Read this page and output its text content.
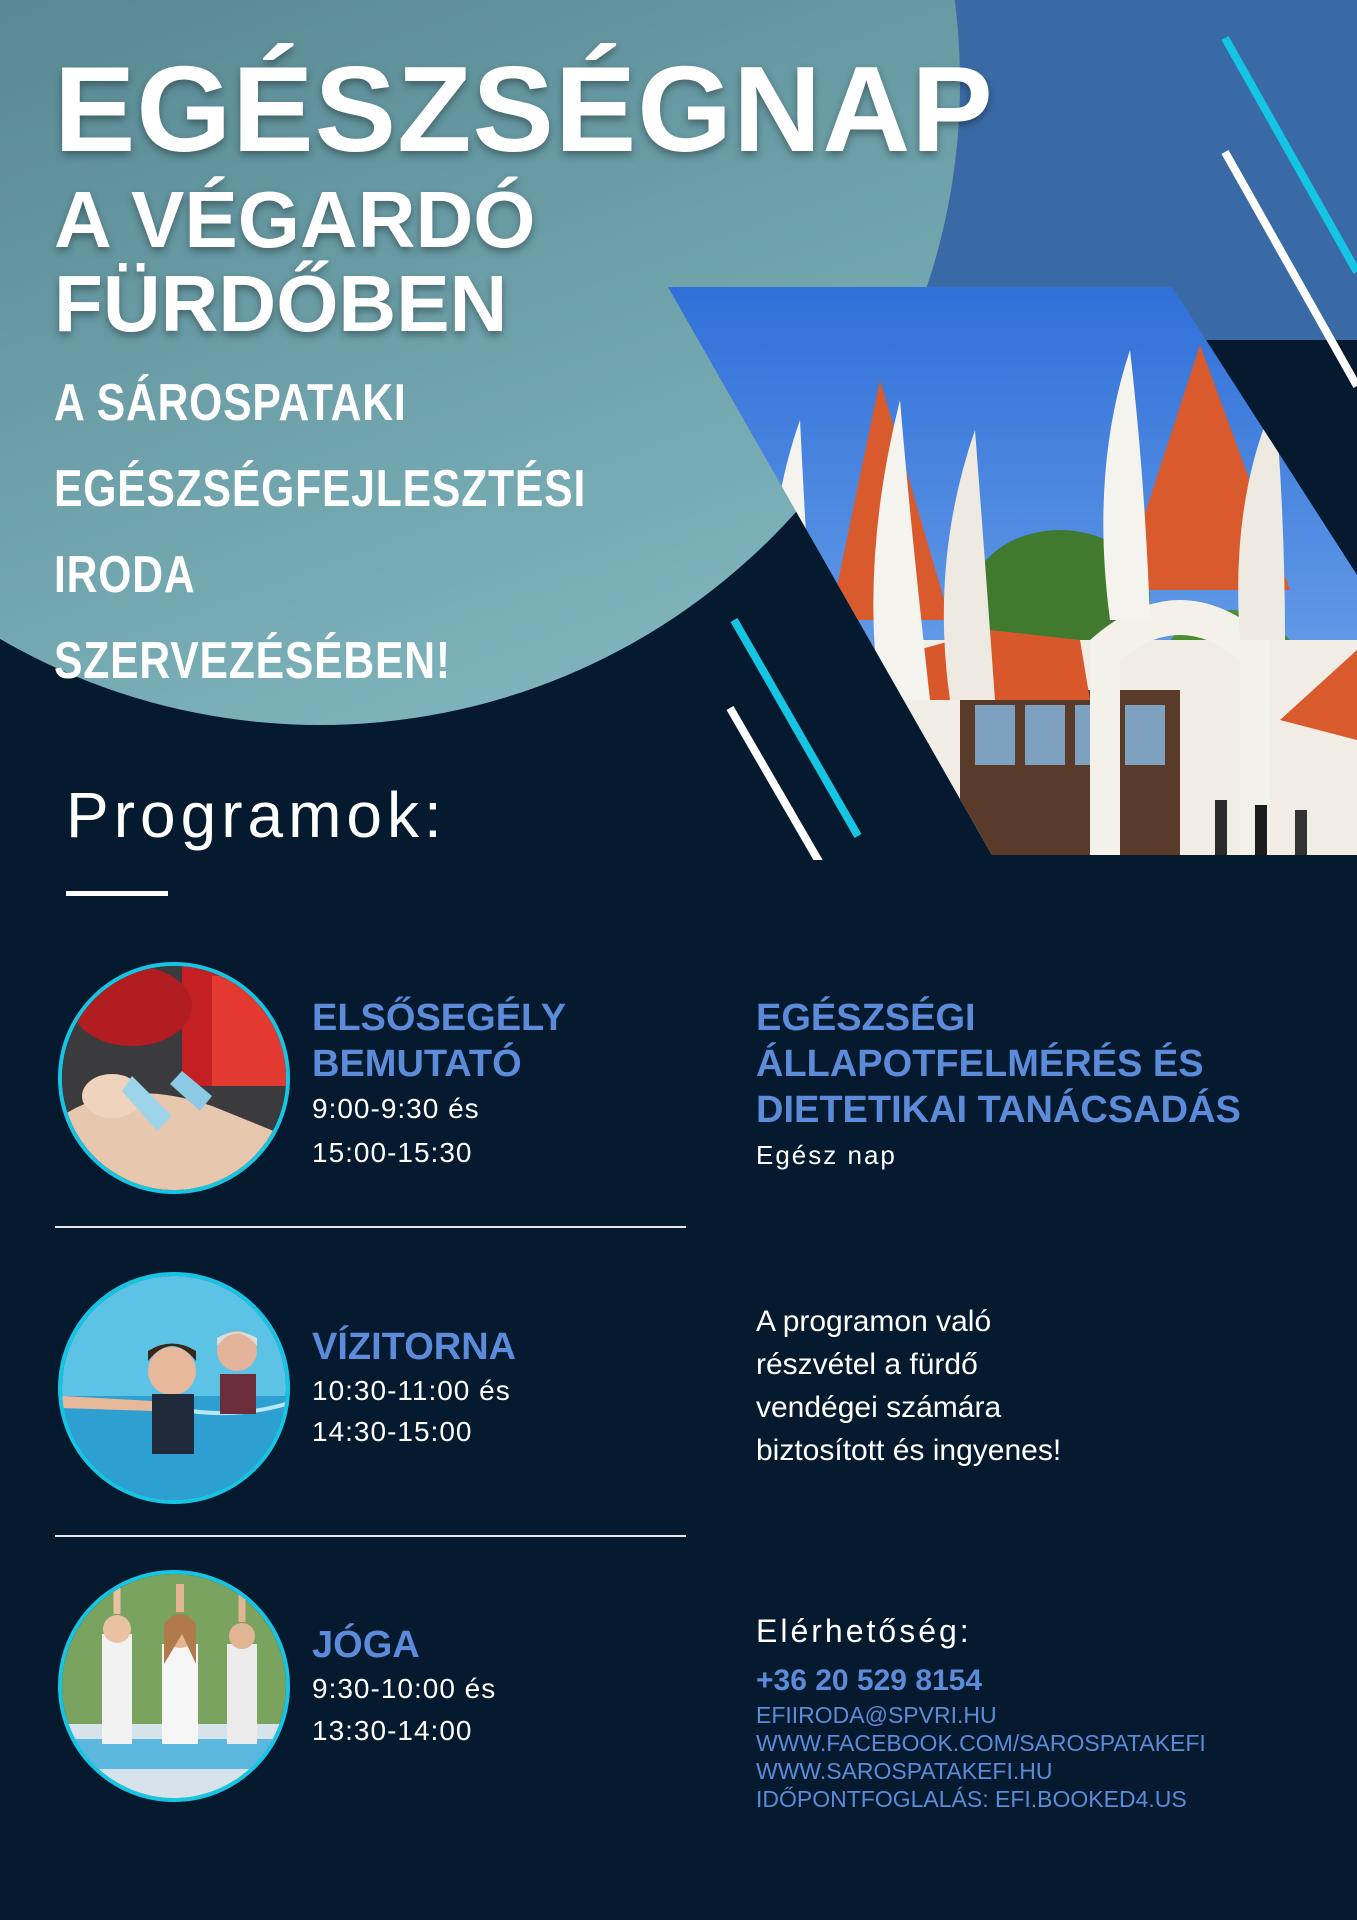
EGÉSZSÉGNAP
A VÉGARDÓ
FÜRDŐBEN
A SÁROSPATAKI
EGÉSZSÉGFEJLESZTÉSI IRODA
SZERVEZÉSÉBEN!
Programok:

ELSŐSEGÉLY

BEMUTATÓ

9:00-9:30 és

15:00-15:30

VÍZITORNA

10:30-11:00 és

14:30-15:00

JÓGA

9:30-10:00 és

13:30-14:00

EGÉSZSÉGI

ÁLLAPOTFELMÉRÉS ÉS

DIETETIKAI TANÁCSADÁS

Egész nap

A programon való

részvétel a fürdő

vendégei számára

biztosított és ingyenes!

Elérhetőség:

+36 20 529 8154

EFIIRODA@SPVRI.HU

WWW.FACEBOOK.COM/SAROSPATAKEFI

WWW.SAROSPATAKEFI.HU

IDŐPONTFOGLALÁS: EFI.BOOKED4.US
